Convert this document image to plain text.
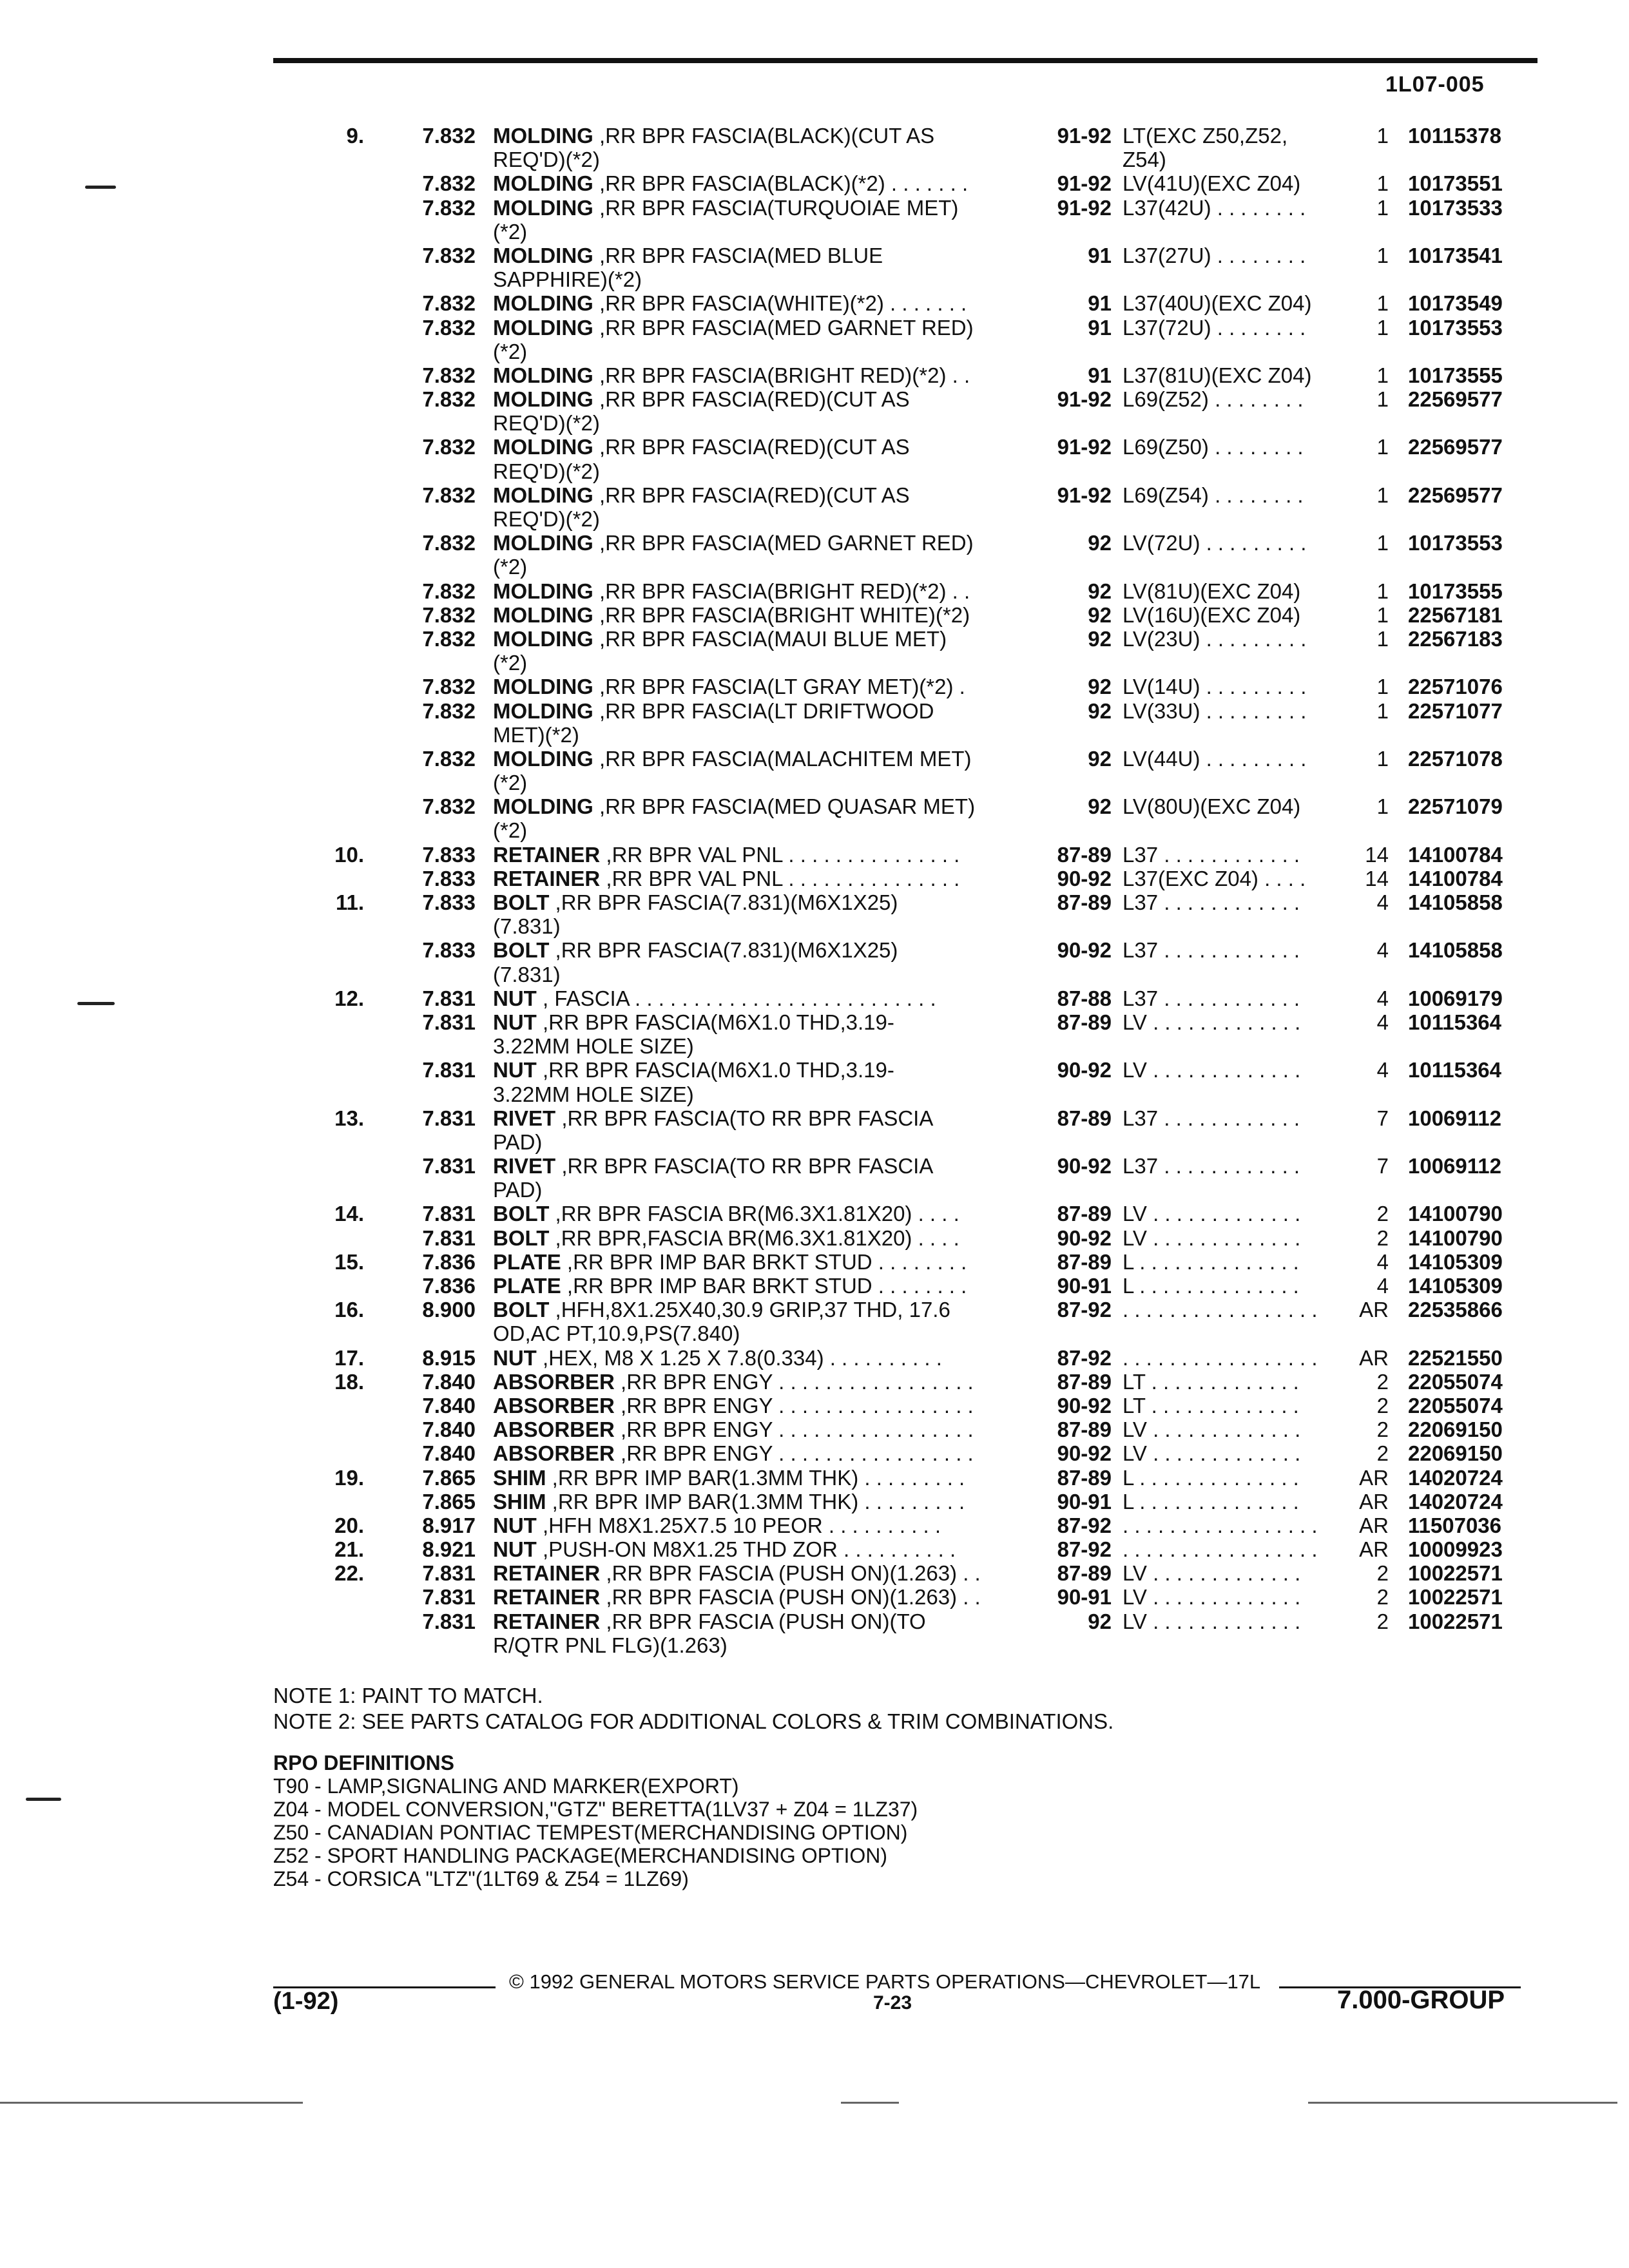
1L07-005
9.	7.832 MOLDING ,RR BPR FASCIA(BLACK)(CUT AS	91-92 LT(EXC Z50,Z52,	1 10115378
REQ'D)(*2)	Z54)
7.832 MOLDING ,RR BPR FASCIA(BLACK)(*2) . . . . . . .	91-92 LV(41U)(EXC Z04)	1 10173551
7.832 MOLDING ,RR BPR FASCIA(TURQUOIAE MET)	91-92 L37(42U) . . . . . . . .	1 10173533
(*2)
7.832 MOLDING ,RR BPR FASCIA(MED BLUE	91 L37(27U) . . . . . . . .	1 10173541
SAPPHIRE)(*2)
7.832 MOLDING ,RR BPR FASCIA(WHITE)(*2) . . . . . . .	91 L37(40U)(EXC Z04)	1 10173549
7.832 MOLDING ,RR BPR FASCIA(MED GARNET RED)	91 L37(72U) . . . . . . . .	1 10173553
(*2)
7.832 MOLDING ,RR BPR FASCIA(BRIGHT RED)(*2) . .	91 L37(81U)(EXC Z04)	1 10173555
7.832 MOLDING ,RR BPR FASCIA(RED)(CUT AS	91-92 L69(Z52) . . . . . . . .	1 22569577
REQ'D)(*2)
7.832 MOLDING ,RR BPR FASCIA(RED)(CUT AS	91-92 L69(Z50) . . . . . . . .	1 22569577
REQ'D)(*2)
7.832 MOLDING ,RR BPR FASCIA(RED)(CUT AS	91-92 L69(Z54) . . . . . . . .	1 22569577
REQ'D)(*2)
7.832 MOLDING ,RR BPR FASCIA(MED GARNET RED)	92 LV(72U) . . . . . . . . .	1 10173553
(*2)
7.832 MOLDING ,RR BPR FASCIA(BRIGHT RED)(*2) . .	92 LV(81U)(EXC Z04)	1 10173555
7.832 MOLDING ,RR BPR FASCIA(BRIGHT WHITE)(*2)	92 LV(16U)(EXC Z04)	1 22567181
7.832 MOLDING ,RR BPR FASCIA(MAUI BLUE MET)	92 LV(23U) . . . . . . . . .	1 22567183
(*2)
7.832 MOLDING ,RR BPR FASCIA(LT GRAY MET)(*2) .	92 LV(14U) . . . . . . . . .	1 22571076
7.832 MOLDING ,RR BPR FASCIA(LT DRIFTWOOD	92 LV(33U) . . . . . . . . .	1 22571077
MET)(*2)
7.832 MOLDING ,RR BPR FASCIA(MALACHITEM MET)	92 LV(44U) . . . . . . . . .	1 22571078
(*2)
7.832 MOLDING ,RR BPR FASCIA(MED QUASAR MET)	92 LV(80U)(EXC Z04)	1 22571079
(*2)
10.	7.833 RETAINER ,RR BPR VAL PNL . . . . . . . . . . . . . . .	87-89 L37 . . . . . . . . . . . .	14 14100784
7.833 RETAINER ,RR BPR VAL PNL . . . . . . . . . . . . . . .	90-92 L37(EXC Z04) . . . .	14 14100784
11.	7.833 BOLT ,RR BPR FASCIA(7.831)(M6X1X25)	87-89 L37 . . . . . . . . . . . .	4 14105858
(7.831)
7.833 BOLT ,RR BPR FASCIA(7.831)(M6X1X25)	90-92 L37 . . . . . . . . . . . .	4 14105858
(7.831)
12.	7.831 NUT , FASCIA . . . . . . . . . . . . . . . . . . . . . . . . . .	87-88 L37 . . . . . . . . . . . .	4 10069179
7.831 NUT ,RR BPR FASCIA(M6X1.0 THD,3.19-	87-89 LV . . . . . . . . . . . . .	4 10115364
3.22MM HOLE SIZE)
7.831 NUT ,RR BPR FASCIA(M6X1.0 THD,3.19-	90-92 LV . . . . . . . . . . . . .	4 10115364
3.22MM HOLE SIZE)
13.	7.831 RIVET ,RR BPR FASCIA(TO RR BPR FASCIA	87-89 L37 . . . . . . . . . . . .	7 10069112
PAD)
7.831 RIVET ,RR BPR FASCIA(TO RR BPR FASCIA	90-92 L37 . . . . . . . . . . . .	7 10069112
PAD)
14.	7.831 BOLT ,RR BPR FASCIA BR(M6.3X1.81X20) . . . .	87-89 LV . . . . . . . . . . . . .	2 14100790
7.831 BOLT ,RR BPR,FASCIA BR(M6.3X1.81X20) . . . .	90-92 LV . . . . . . . . . . . . .	2 14100790
15.	7.836 PLATE ,RR BPR IMP BAR BRKT STUD . . . . . . . .	87-89 L . . . . . . . . . . . . . .	4 14105309
7.836 PLATE ,RR BPR IMP BAR BRKT STUD . . . . . . . .	90-91 L . . . . . . . . . . . . . .	4 14105309
16.	8.900 BOLT ,HFH,8X1.25X40,30.9 GRIP,37 THD, 17.6	87-92 . . . . . . . . . . . . . . . . .	AR 22535866
OD,AC PT,10.9,PS(7.840)
17.	8.915 NUT ,HEX, M8 X 1.25 X 7.8(0.334) . . . . . . . . . .	87-92 . . . . . . . . . . . . . . . . .	AR 22521550
18.	7.840 ABSORBER ,RR BPR ENGY . . . . . . . . . . . . . . . . .	87-89 LT . . . . . . . . . . . . .	2 22055074
7.840 ABSORBER ,RR BPR ENGY . . . . . . . . . . . . . . . . .	90-92 LT . . . . . . . . . . . . .	2 22055074
7.840 ABSORBER ,RR BPR ENGY . . . . . . . . . . . . . . . . .	87-89 LV . . . . . . . . . . . . .	2 22069150
7.840 ABSORBER ,RR BPR ENGY . . . . . . . . . . . . . . . . .	90-92 LV . . . . . . . . . . . . .	2 22069150
19.	7.865 SHIM ,RR BPR IMP BAR(1.3MM THK) . . . . . . . . .	87-89 L . . . . . . . . . . . . . .	AR 14020724
7.865 SHIM ,RR BPR IMP BAR(1.3MM THK) . . . . . . . . .	90-91 L . . . . . . . . . . . . . .	AR 14020724
20.	8.917 NUT ,HFH M8X1.25X7.5 10 PEOR . . . . . . . . . .	87-92 . . . . . . . . . . . . . . . . .	AR 11507036
21.	8.921 NUT ,PUSH-ON M8X1.25 THD ZOR . . . . . . . . . .	87-92 . . . . . . . . . . . . . . . . .	AR 10009923
22.	7.831 RETAINER ,RR BPR FASCIA (PUSH ON)(1.263) . .	87-89 LV . . . . . . . . . . . . .	2 10022571
7.831 RETAINER ,RR BPR FASCIA (PUSH ON)(1.263) . .	90-91 LV . . . . . . . . . . . . .	2 10022571
7.831 RETAINER ,RR BPR FASCIA (PUSH ON)(TO	92 LV . . . . . . . . . . . . .	2 10022571
R/QTR PNL FLG)(1.263)
NOTE 1: PAINT TO MATCH.
NOTE 2: SEE PARTS CATALOG FOR ADDITIONAL COLORS & TRIM COMBINATIONS.
RPO DEFINITIONS
T90 - LAMP,SIGNALING AND MARKER(EXPORT)
Z04 - MODEL CONVERSION,"GTZ" BERETTA(1LV37 + Z04 = 1LZ37)
Z50 - CANADIAN PONTIAC TEMPEST(MERCHANDISING OPTION)
Z52 - SPORT HANDLING PACKAGE(MERCHANDISING OPTION)
Z54 - CORSICA "LTZ"(1LT69 & Z54 = 1LZ69)
© 1992 GENERAL MOTORS SERVICE PARTS OPERATIONS—CHEVROLET—17L
(1-92)	7-23	7.000-GROUP
